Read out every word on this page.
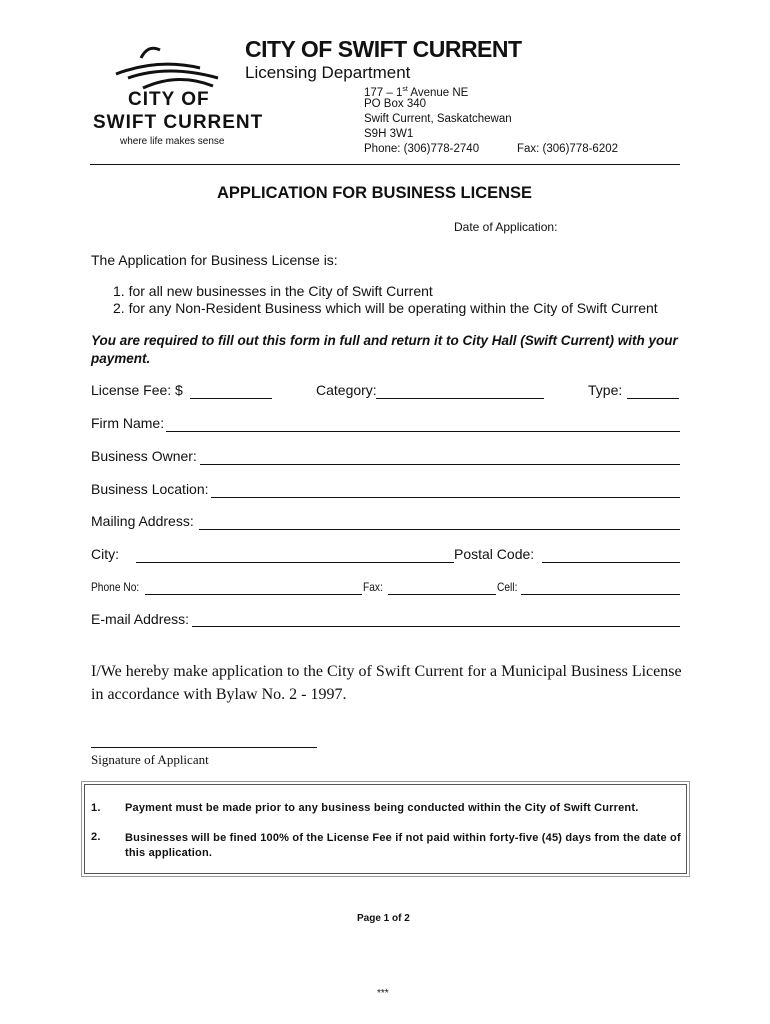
CITY OF
SWIFT CURRENT
where life makes sense
CITY OF SWIFT CURRENT
Licensing Department
177 – 1st Avenue NE
PO Box 340
Swift Current, Saskatchewan
S9H 3W1
Phone: (306)778-2740	Fax: (306)778-6202
APPLICATION FOR BUSINESS LICENSE
Date of Application:
The Application for Business License is:
1. for all new businesses in the City of Swift Current
2. for any Non-Resident Business which will be operating within the City of Swift Current
You are required to fill out this form in full and return it to City Hall (Swift Current) with your payment.
License Fee: $	Category:	Type:
Firm Name:
Business Owner:
Business Location:
Mailing Address:
City:	Postal Code:
Phone No:	Fax:	Cell:
E-mail Address:
I/We hereby make application to the City of Swift Current for a Municipal Business License in accordance with Bylaw No. 2 - 1997.
Signature of Applicant
1. Payment must be made prior to any business being conducted within the City of Swift Current.
2. Businesses will be fined 100% of the License Fee if not paid within forty-five (45) days from the date of this application.
Page 1 of 2
***
